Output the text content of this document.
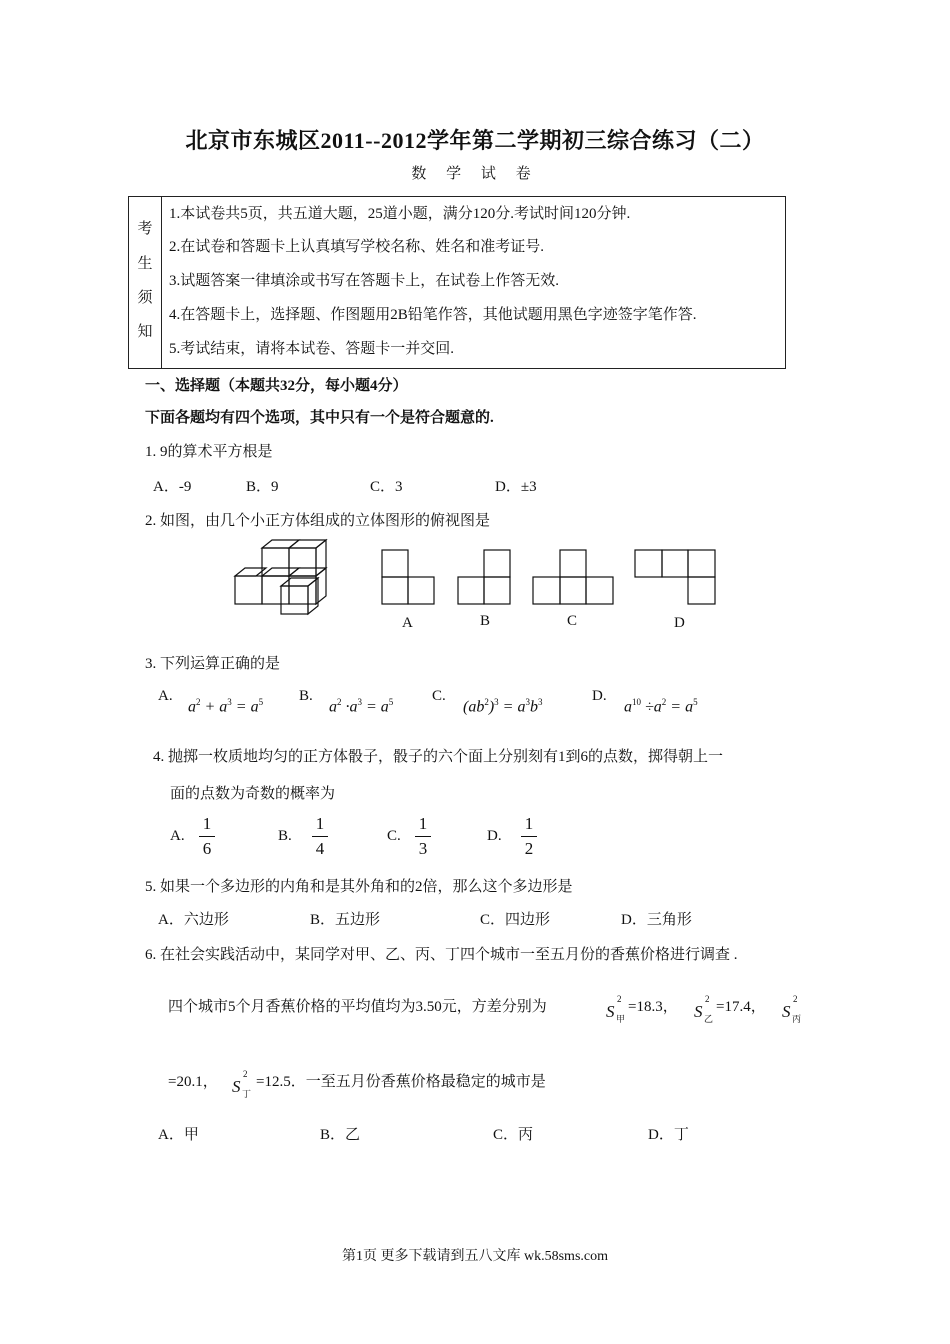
北京市东城区2011--2012学年第二学期初三综合练习（二）
数 学 试 卷
考
生
须
知
1.本试卷共5页，共五道大题，25道小题，满分120分.考试时间120分钟.
2.在试卷和答题卡上认真填写学校名称、姓名和准考证号.
3.试题答案一律填涂或书写在答题卡上，在试卷上作答无效.
4.在答题卡上，选择题、作图题用2B铅笔作答，其他试题用黑色字迹签字笔作答.
5.考试结束，请将本试卷、答题卡一并交回.
一、选择题（本题共32分，每小题4分）
下面各题均有四个选项，其中只有一个是符合题意的.
1. 9的算术平方根是
A．-9	B．9	C．3	D．±3
2. 如图，由几个小正方体组成的立体图形的俯视图是
A	B	C	D
3. 下列运算正确的是
A.
$a^2 + a^3 = a^5$ B.
$a^2 \cdot a^3 = a^5$	C.
$(ab^2)^3 = a^3b^3$	D.
$a^{10} \div a^2 = a^5$
4. 抛掷一枚质地均匀的正方体骰子，骰子的六个面上分别刻有1到6的点数，掷得朝上一
面的点数为奇数的概率为
A.
1
6
B.
1
4
C.
1
3
D.
1
2
5. 如果一个多边形的内角和是其外角和的2倍，那么这个多边形是
A．六边形	B．五边形	C．四边形	D．三角形
6. 在社会实践活动中，某同学对甲、乙、丙、丁四个城市一至五月份的香蕉价格进行调查 .
四个城市5个月香蕉价格的平均值均为3.50元，方差分别为	S
2
甲
=18.3， S
2
乙
=17.4， S
2
丙
=20.1， S
2
丁
=12.5．一至五月份香蕉价格最稳定的城市是
A．甲	B．乙	C．丙	D．丁
第1页 更多下载请到五八文库 wk.58sms.com
